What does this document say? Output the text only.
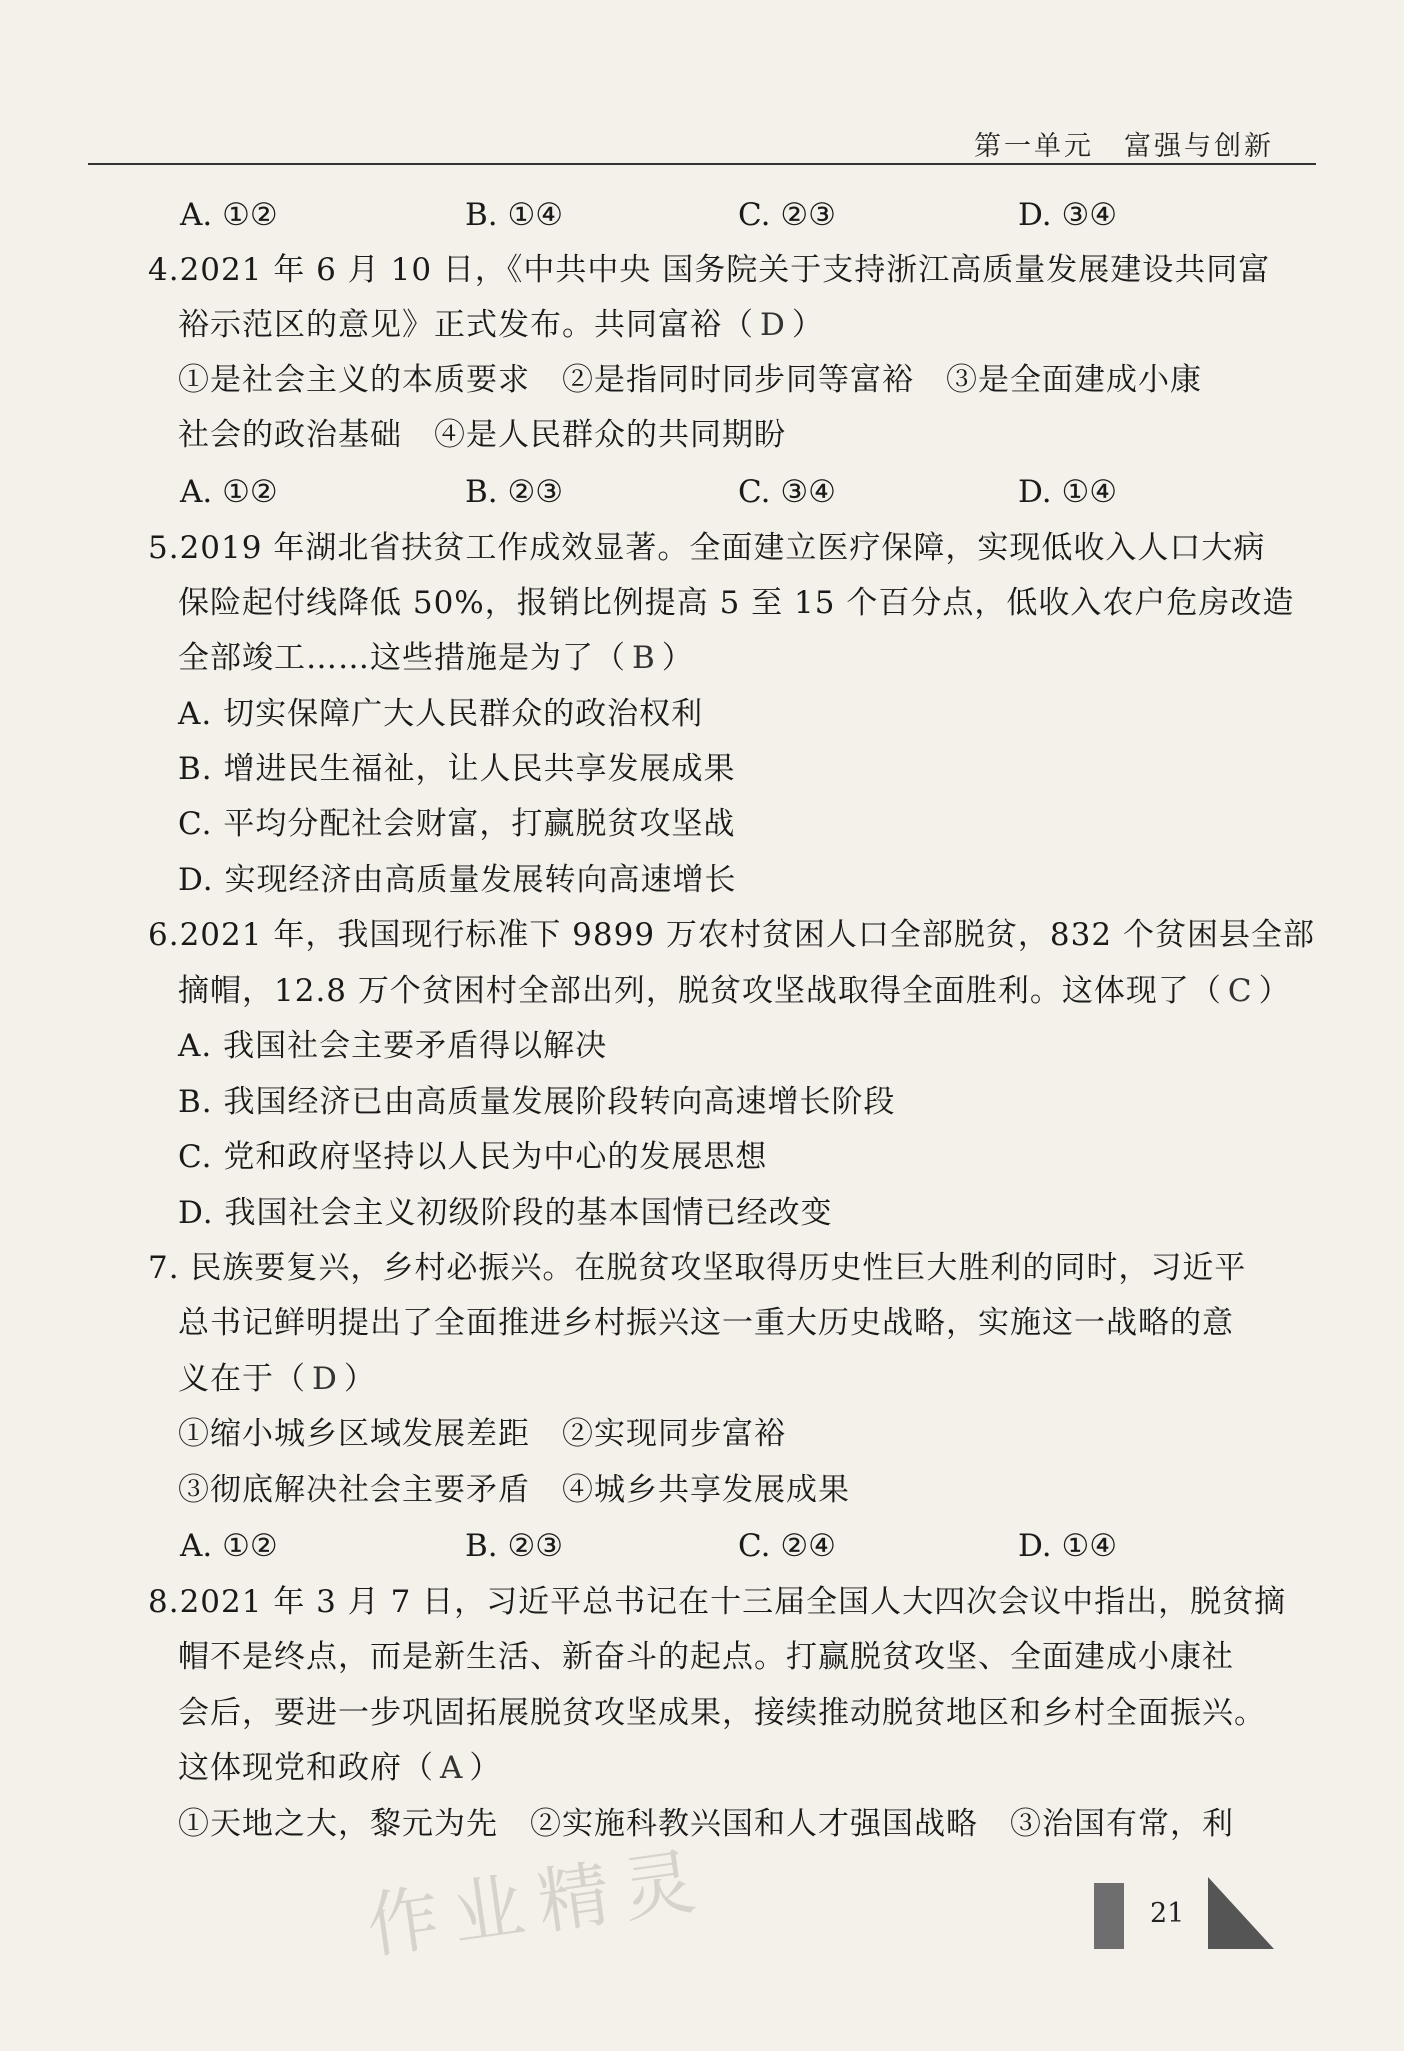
第一单元　富强与创新
A. ①②	B. ①④	C. ②③	D. ③④
4.2021 年 6 月 10 日，《中共中央 国务院关于支持浙江高质量发展建设共同富
裕示范区的意见》正式发布。共同富裕（ D ）
①是社会主义的本质要求　②是指同时同步同等富裕　③是全面建成小康
社会的政治基础　④是人民群众的共同期盼
A. ①②	B. ②③	C. ③④	D. ①④
5.2019 年湖北省扶贫工作成效显著。全面建立医疗保障，实现低收入人口大病
保险起付线降低 50%，报销比例提高 5 至 15 个百分点，低收入农户危房改造
全部竣工……这些措施是为了（ B ）
A. 切实保障广大人民群众的政治权利
B. 增进民生福祉，让人民共享发展成果
C. 平均分配社会财富，打赢脱贫攻坚战
D. 实现经济由高质量发展转向高速增长
6.2021 年，我国现行标准下 9899 万农村贫困人口全部脱贫，832 个贫困县全部
摘帽，12.8 万个贫困村全部出列，脱贫攻坚战取得全面胜利。这体现了（ C ）
A. 我国社会主要矛盾得以解决
B. 我国经济已由高质量发展阶段转向高速增长阶段
C. 党和政府坚持以人民为中心的发展思想
D. 我国社会主义初级阶段的基本国情已经改变
7. 民族要复兴，乡村必振兴。在脱贫攻坚取得历史性巨大胜利的同时，习近平
总书记鲜明提出了全面推进乡村振兴这一重大历史战略，实施这一战略的意
义在于（ D ）
①缩小城乡区域发展差距　②实现同步富裕
③彻底解决社会主要矛盾　④城乡共享发展成果
A. ①②	B. ②③	C. ②④	D. ①④
8.2021 年 3 月 7 日，习近平总书记在十三届全国人大四次会议中指出，脱贫摘
帽不是终点，而是新生活、新奋斗的起点。打赢脱贫攻坚、全面建成小康社
会后，要进一步巩固拓展脱贫攻坚成果，接续推动脱贫地区和乡村全面振兴。
这体现党和政府（ A ）
①天地之大，黎元为先　②实施科教兴国和人才强国战略　③治国有常，利
作业精灵	21
